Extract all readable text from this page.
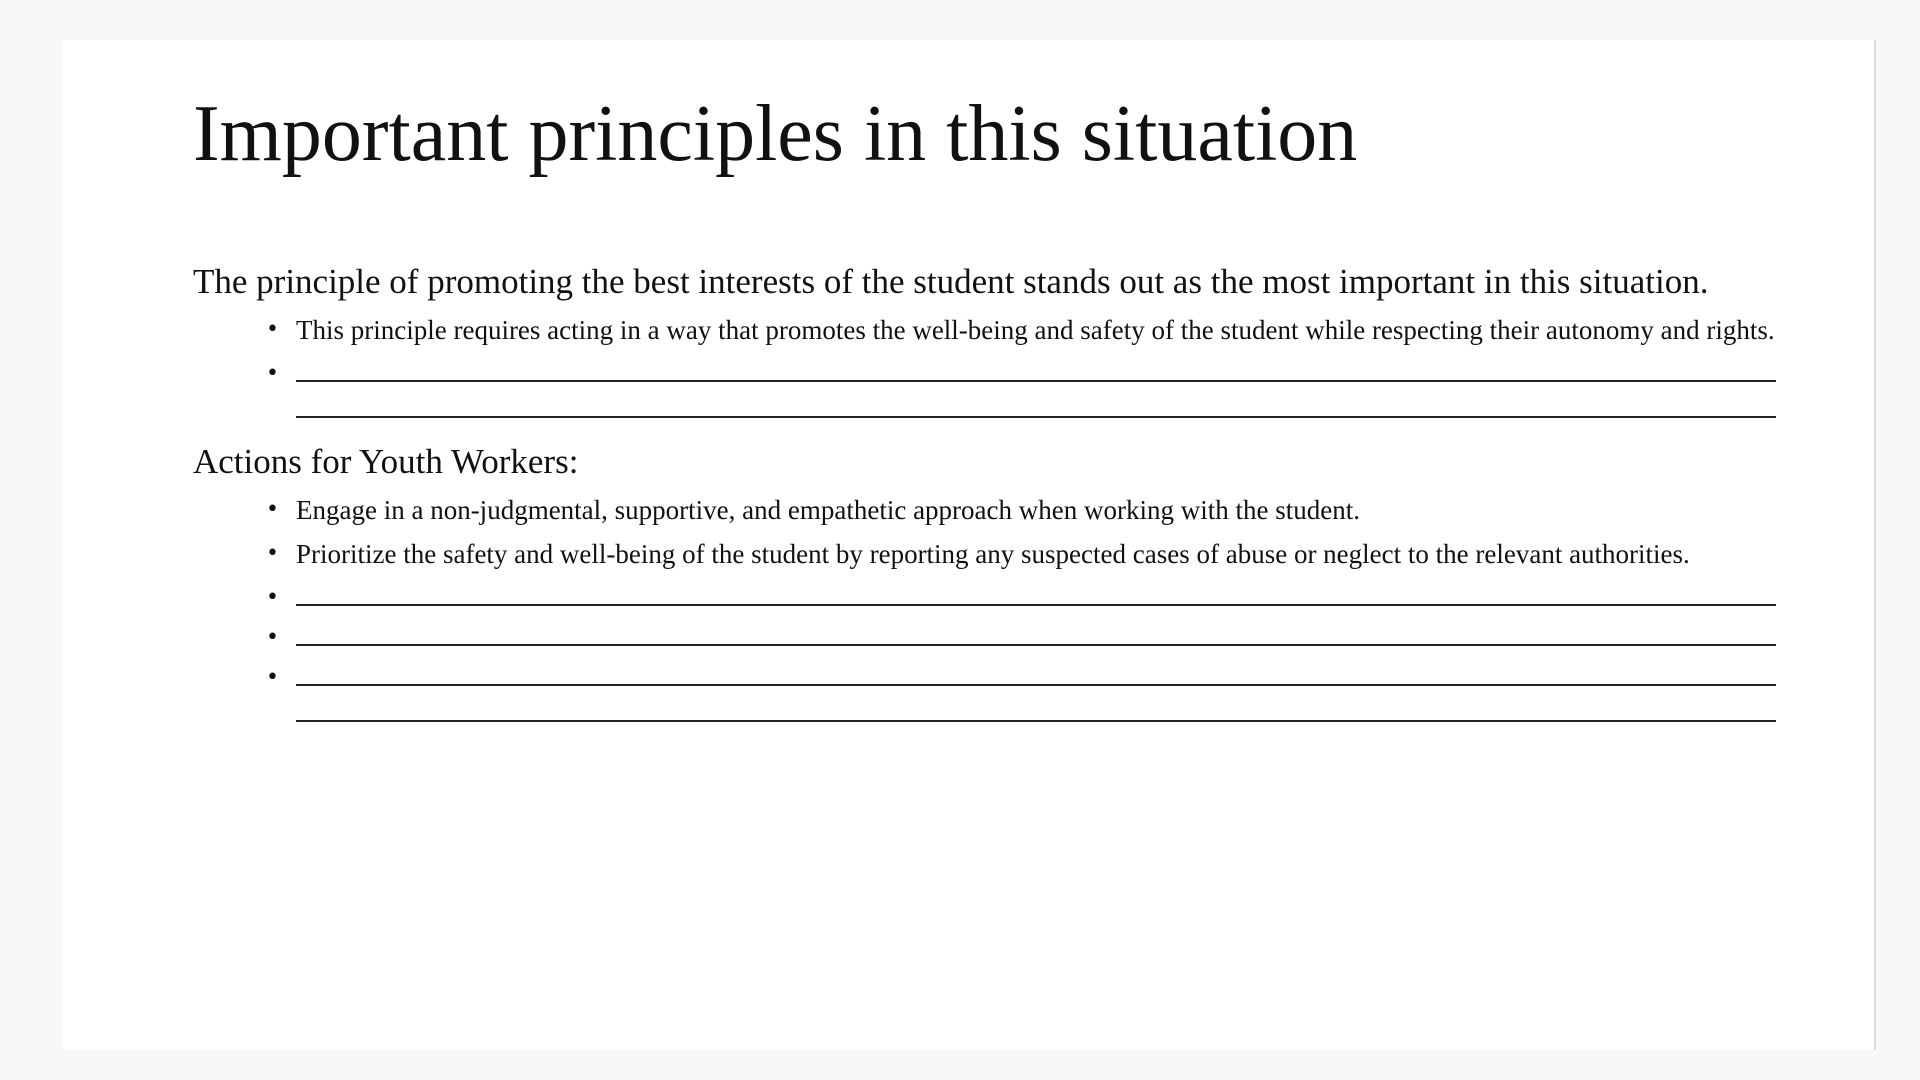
Important principles in this situation

The principle of promoting the best interests of the student stands out as the most important in this situation.

• This principle requires acting in a way that promotes the well-being and safety of the student while respecting their autonomy and rights.
•

Actions for Youth Workers:

• Engage in a non-judgmental, supportive, and empathetic approach when working with the student.
• Prioritize the safety and well-being of the student by reporting any suspected cases of abuse or neglect to the relevant authorities.
•
•
•
